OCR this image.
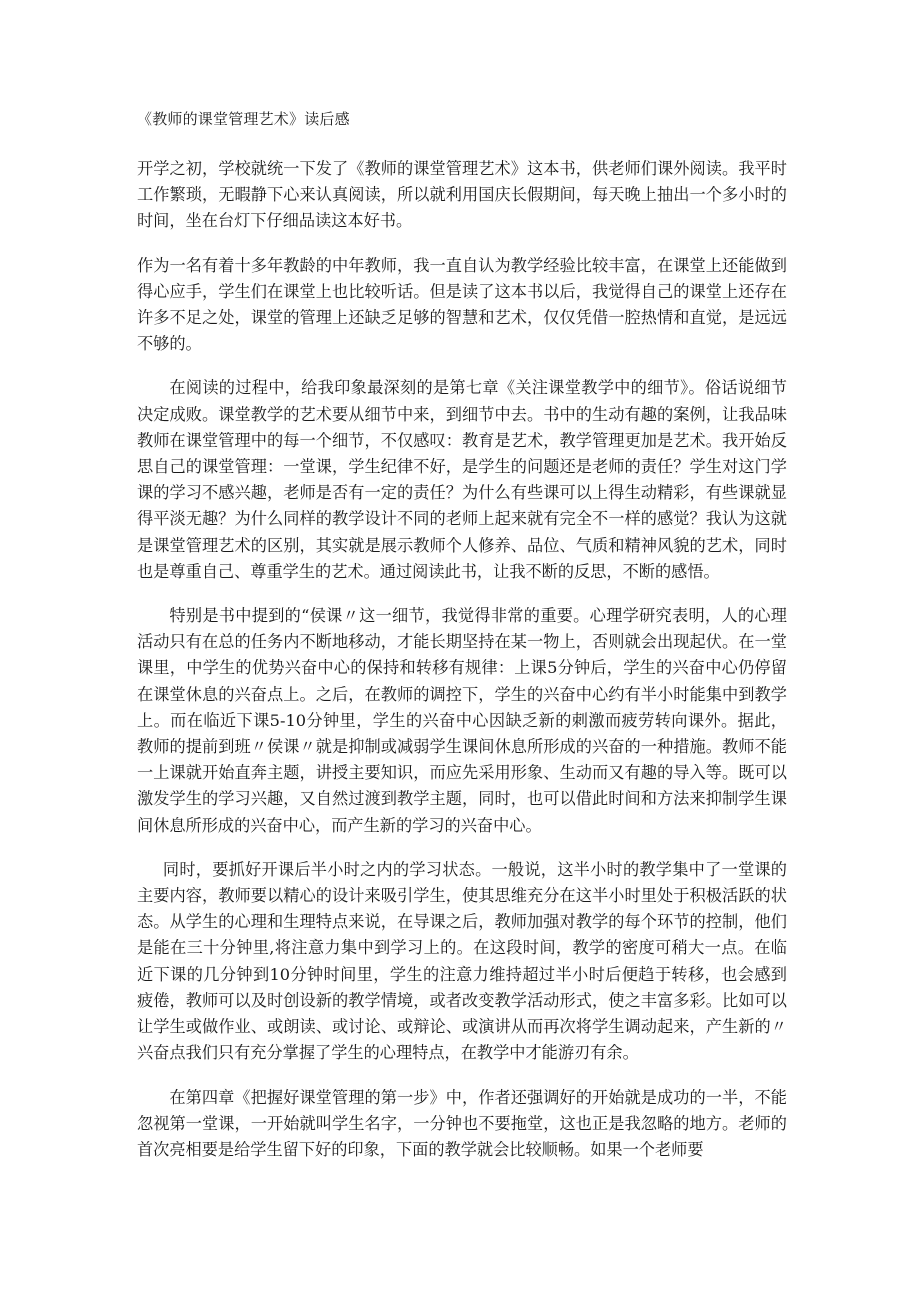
《教师的课堂管理艺术》读后感

开学之初，学校就统一下发了《教师的课堂管理艺术》这本书，供老师们课外阅读。我平时工作繁琐，无暇静下心来认真阅读，所以就利用国庆长假期间，每天晚上抽出一个多小时的时间，坐在台灯下仔细品读这本好书。

作为一名有着十多年教龄的中年教师，我一直自认为教学经验比较丰富，在课堂上还能做到得心应手，学生们在课堂上也比较听话。但是读了这本书以后，我觉得自己的课堂上还存在许多不足之处，课堂的管理上还缺乏足够的智慧和艺术，仅仅凭借一腔热情和直觉，是远远不够的。

在阅读的过程中，给我印象最深刻的是第七章《关注课堂教学中的细节》。俗话说细节决定成败。课堂教学的艺术要从细节中来，到细节中去。书中的生动有趣的案例，让我品味教师在课堂管理中的每一个细节，不仅感叹：教育是艺术，教学管理更加是艺术。我开始反思自己的课堂管理：一堂课，学生纪律不好，是学生的问题还是老师的责任？学生对这门学课的学习不感兴趣，老师是否有一定的责任？为什么有些课可以上得生动精彩，有些课就显得平淡无趣？为什么同样的教学设计不同的老师上起来就有完全不一样的感觉？我认为这就是课堂管理艺术的区别，其实就是展示教师个人修养、品位、气质和精神风貌的艺术，同时也是尊重自己、尊重学生的艺术。通过阅读此书，让我不断的反思，不断的感悟。

特别是书中提到的“侯课〃这一细节，我觉得非常的重要。心理学研究表明，人的心理活动只有在总的任务内不断地移动，才能长期坚持在某一物上，否则就会出现起伏。在一堂课里，中学生的优势兴奋中心的保持和转移有规律：上课5分钟后，学生的兴奋中心仍停留在课堂休息的兴奋点上。之后，在教师的调控下，学生的兴奋中心约有半小时能集中到教学上。而在临近下课5-10分钟里，学生的兴奋中心因缺乏新的刺激而疲劳转向课外。据此，教师的提前到班〃侯课〃就是抑制或减弱学生课间休息所形成的兴奋的一种措施。教师不能一上课就开始直奔主题，讲授主要知识，而应先采用形象、生动而又有趣的导入等。既可以激发学生的学习兴趣，又自然过渡到教学主题，同时，也可以借此时间和方法来抑制学生课间休息所形成的兴奋中心，而产生新的学习的兴奋中心。

同时，要抓好开课后半小时之内的学习状态。一般说，这半小时的教学集中了一堂课的主要内容，教师要以精心的设计来吸引学生，使其思维充分在这半小时里处于积极活跃的状态。从学生的心理和生理特点来说，在导课之后，教师加强对教学的每个环节的控制，他们是能在三十分钟里,将注意力集中到学习上的。在这段时间，教学的密度可稍大一点。在临近下课的几分钟到10分钟时间里，学生的注意力维持超过半小时后便趋于转移，也会感到疲倦，教师可以及时创设新的教学情境，或者改变教学活动形式，使之丰富多彩。比如可以让学生或做作业、或朗读、或讨论、或辩论、或演讲从而再次将学生调动起来，产生新的〃兴奋点我们只有充分掌握了学生的心理特点，在教学中才能游刃有余。

在第四章《把握好课堂管理的第一步》中，作者还强调好的开始就是成功的一半，不能忽视第一堂课，一开始就叫学生名字，一分钟也不要拖堂，这也正是我忽略的地方。老师的首次亮相要是给学生留下好的印象，下面的教学就会比较顺畅。如果一个老师要
